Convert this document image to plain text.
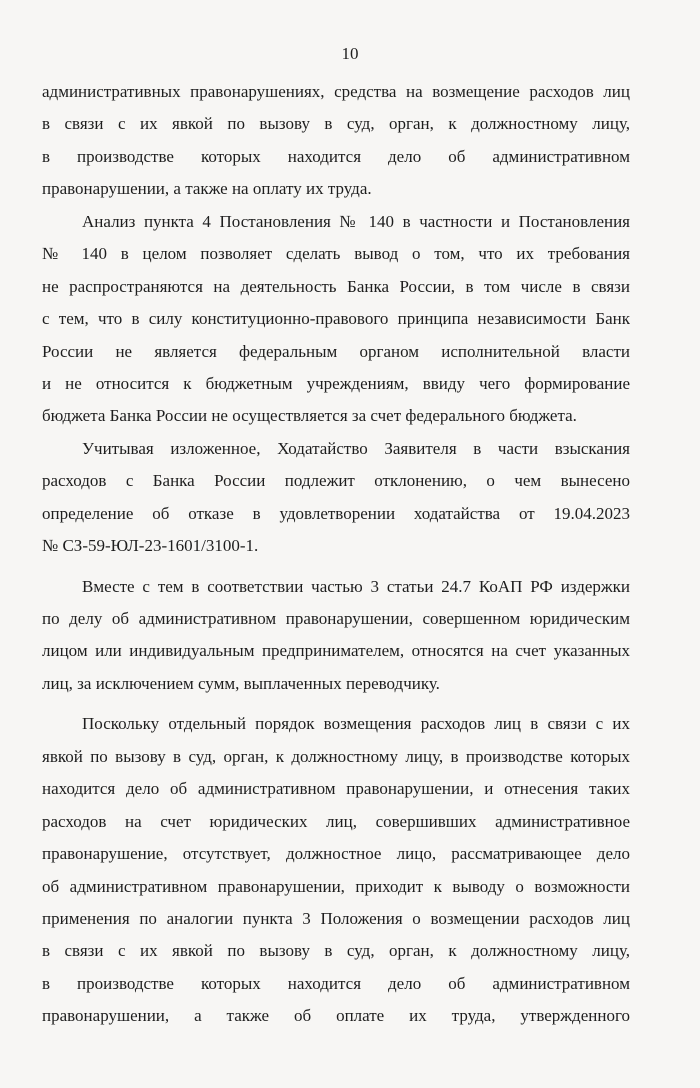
10
административных правонарушениях, средства на возмещение расходов лиц
в связи с их явкой по вызову в суд, орган, к должностному лицу,
в производстве которых находится дело об административном
правонарушении, а также на оплату их труда.
Анализ пункта 4 Постановления № 140 в частности и Постановления
№ 140 в целом позволяет сделать вывод о том, что их требования
не распространяются на деятельность Банка России, в том числе в связи
с тем, что в силу конституционно-правового принципа независимости Банк
России не является федеральным органом исполнительной власти
и не относится к бюджетным учреждениям, ввиду чего формирование
бюджета Банка России не осуществляется за счет федерального бюджета.
Учитывая изложенное, Ходатайство Заявителя в части взыскания
расходов с Банка России подлежит отклонению, о чем вынесено
определение об отказе в удовлетворении ходатайства от 19.04.2023
№ СЗ-59-ЮЛ-23-1601/3100-1.
Вместе с тем в соответствии частью 3 статьи 24.7 КоАП РФ издержки
по делу об административном правонарушении, совершенном юридическим
лицом или индивидуальным предпринимателем, относятся на счет указанных
лиц, за исключением сумм, выплаченных переводчику.
Поскольку отдельный порядок возмещения расходов лиц в связи с их
явкой по вызову в суд, орган, к должностному лицу, в производстве которых
находится дело об административном правонарушении, и отнесения таких
расходов на счет юридических лиц, совершивших административное
правонарушение, отсутствует, должностное лицо, рассматривающее дело
об административном правонарушении, приходит к выводу о возможности
применения по аналогии пункта 3 Положения о возмещении расходов лиц
в связи с их явкой по вызову в суд, орган, к должностному лицу,
в производстве которых находится дело об административном
правонарушении, а также об оплате их труда, утвержденного
